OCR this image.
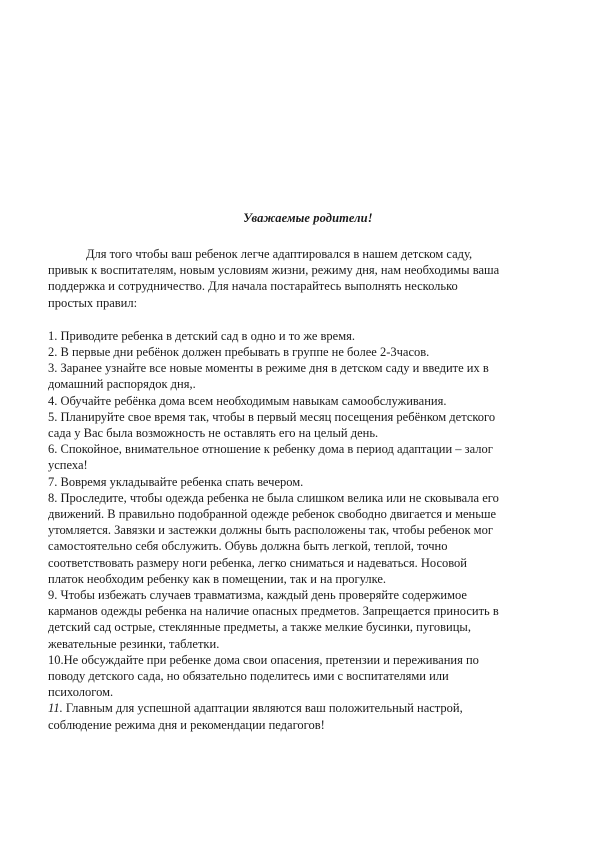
Уважаемые родители!

Для того чтобы ваш ребенок легче адаптировался в нашем детском саду,
привык к воспитателям, новым условиям жизни, режиму дня, нам необходимы ваша
поддержка и сотрудничество. Для начала постарайтесь выполнять несколько
простых правил:

1. Приводите ребенка в детский сад в одно и то же время.

2. В первые дни ребёнок должен пребывать в группе не более 2-3часов.

3. Заранее узнайте все новые моменты в режиме дня в детском саду и введите их в
домашний распорядок дня,.

4. Обучайте ребёнка дома всем необходимым навыкам самообслуживания.

5. Планируйте свое время так, чтобы в первый месяц посещения ребёнком детского
сада у Вас была возможность не оставлять его на целый день.

6. Спокойное, внимательное отношение к ребенку дома в период адаптации – залог
успеха!

7. Вовремя укладывайте ребенка спать вечером.

8. Проследите, чтобы одежда ребенка не была слишком велика или не сковывала его
движений. В правильно подобранной одежде ребенок свободно двигается и меньше
утомляется. Завязки и застежки должны быть расположены так, чтобы ребенок мог
самостоятельно себя обслужить. Обувь должна быть легкой, теплой, точно
соответствовать размеру ноги ребенка, легко сниматься и надеваться. Носовой
платок необходим ребенку как в помещении, так и на прогулке.

9. Чтобы избежать случаев травматизма, каждый день проверяйте содержимое
карманов одежды ребенка на наличие опасных предметов. Запрещается приносить в
детский сад острые, стеклянные предметы, а также мелкие бусинки, пуговицы,
жевательные резинки, таблетки.

10.Не обсуждайте при ребенке дома свои опасения, претензии и переживания по
поводу детского сада, но обязательно поделитесь ими с воспитателями или
психологом.

11. Главным для успешной адаптации являются ваш положительный настрой,
соблюдение режима дня и рекомендации педагогов!
